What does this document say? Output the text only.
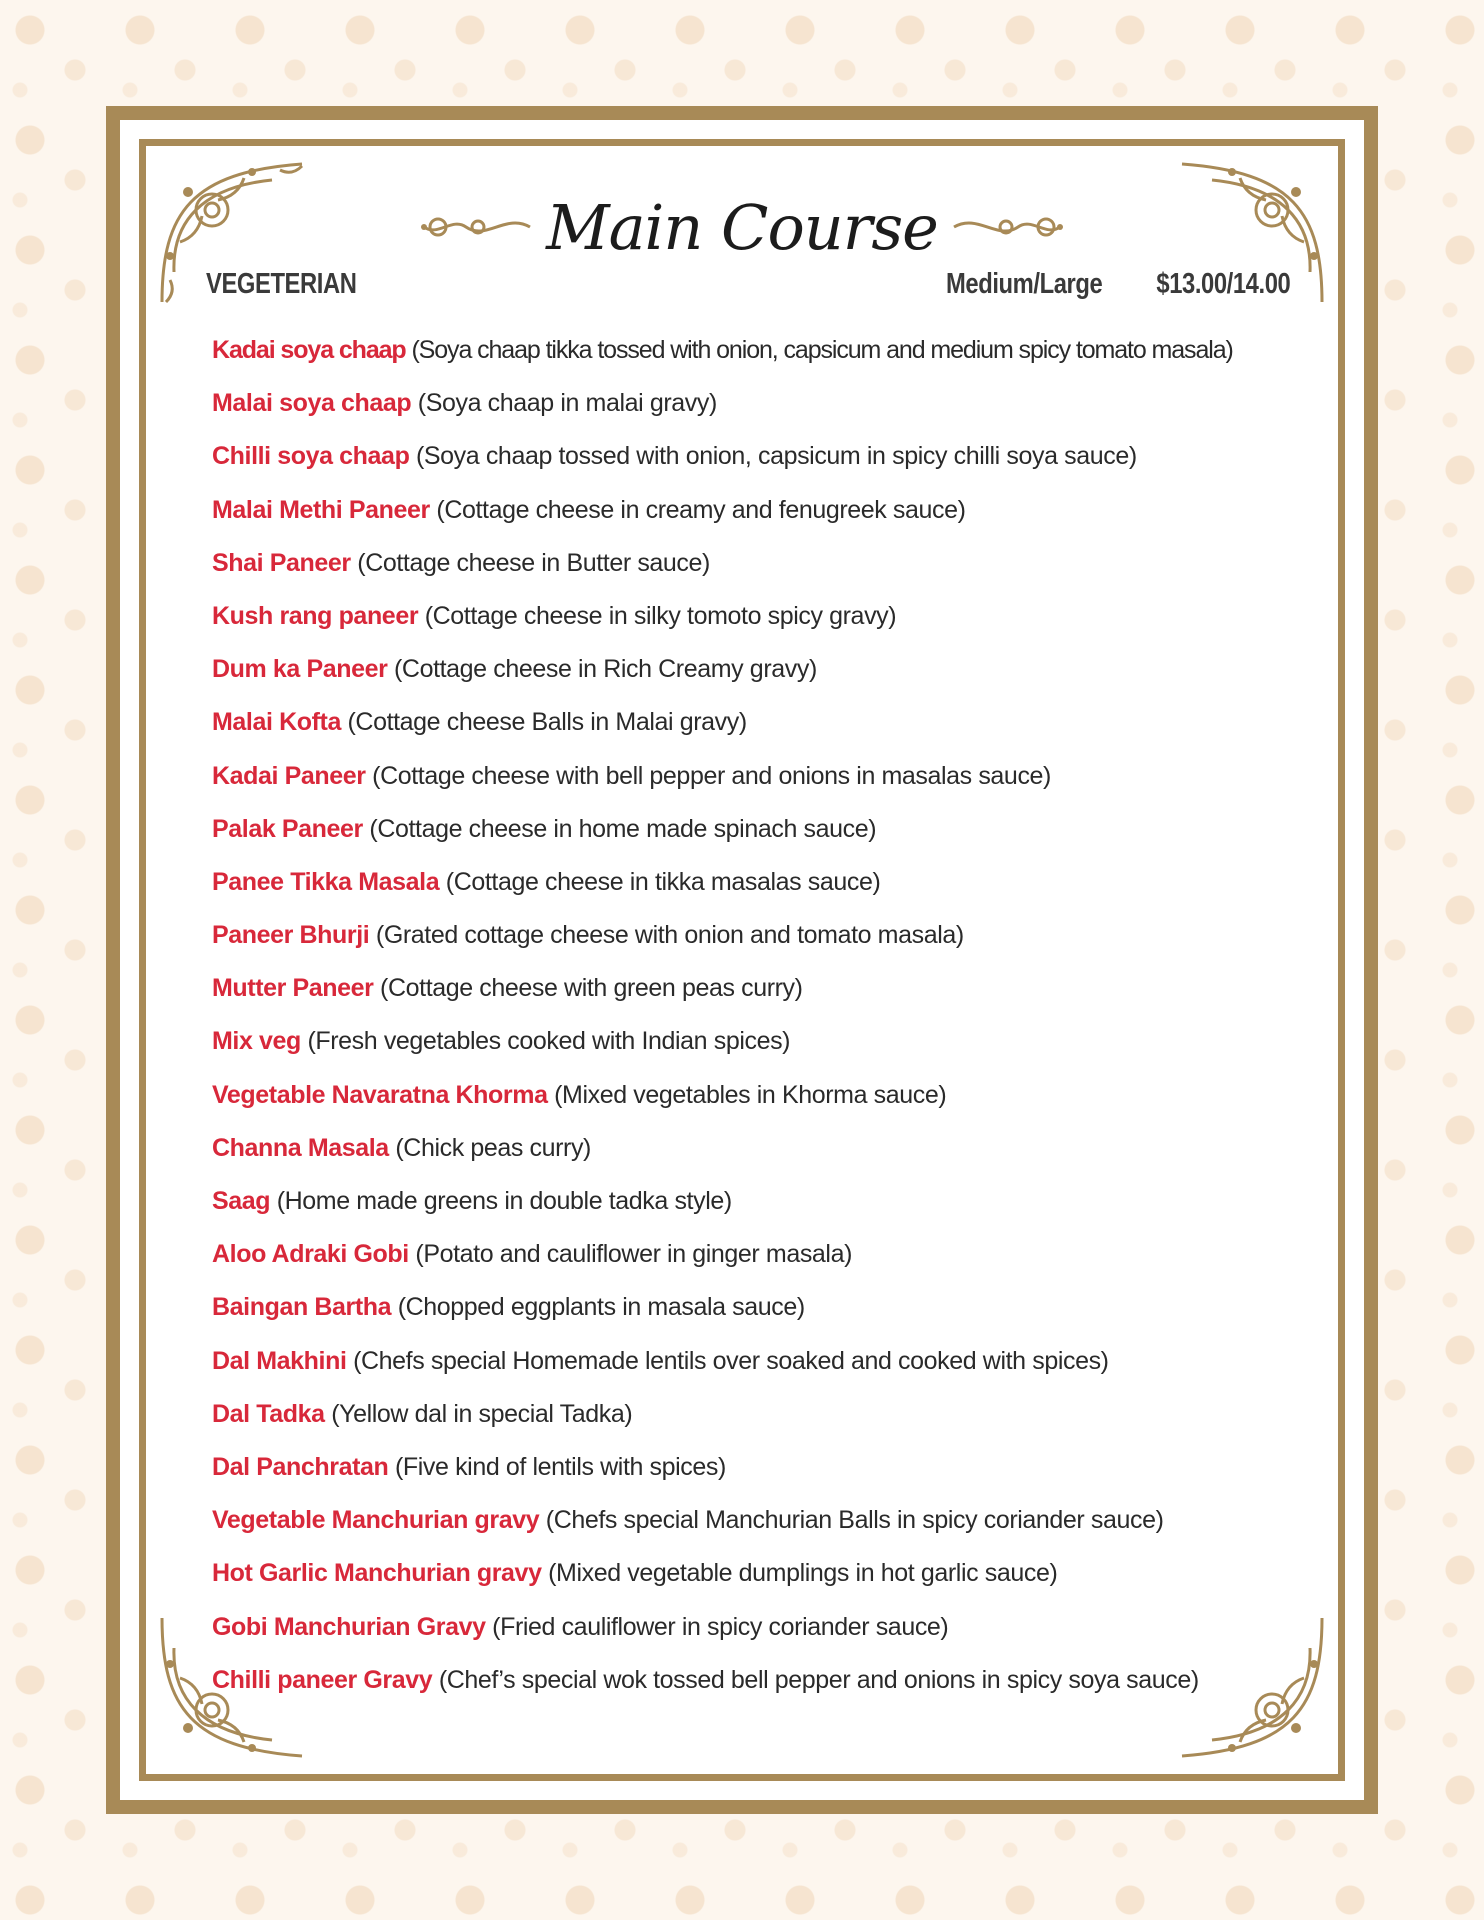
Main Course
VEGETERIAN	Medium/Large $13.00/14.00
Kadai soya chaap (Soya chaap tikka tossed with onion, capsicum and medium spicy tomato masala)
Malai soya chaap (Soya chaap in malai gravy)
Chilli soya chaap (Soya chaap tossed with onion, capsicum in spicy chilli soya sauce)
Malai Methi Paneer (Cottage cheese in creamy and fenugreek sauce)
Shai Paneer (Cottage cheese in Butter sauce)
Kush rang paneer (Cottage cheese in silky tomoto spicy gravy)
Dum ka Paneer (Cottage cheese in Rich Creamy gravy)
Malai Kofta (Cottage cheese Balls in Malai gravy)
Kadai Paneer (Cottage cheese with bell pepper and onions in masalas sauce)
Palak Paneer (Cottage cheese in home made spinach sauce)
Panee Tikka Masala (Cottage cheese in tikka masalas sauce)
Paneer Bhurji (Grated cottage cheese with onion and tomato masala)
Mutter Paneer (Cottage cheese with green peas curry)
Mix veg (Fresh vegetables cooked with Indian spices)
Vegetable Navaratna Khorma (Mixed vegetables in Khorma sauce)
Channa Masala (Chick peas curry)
Saag (Home made greens in double tadka style)
Aloo Adraki Gobi (Potato and cauliflower in ginger masala)
Baingan Bartha (Chopped eggplants in masala sauce)
Dal Makhini (Chefs special Homemade lentils over soaked and cooked with spices)
Dal Tadka (Yellow dal in special Tadka)
Dal Panchratan (Five kind of lentils with spices)
Vegetable Manchurian gravy (Chefs special Manchurian Balls in spicy coriander sauce)
Hot Garlic Manchurian gravy (Mixed vegetable dumplings in hot garlic sauce)
Gobi Manchurian Gravy (Fried cauliflower in spicy coriander sauce)
Chilli paneer Gravy (Chef’s special wok tossed bell pepper and onions in spicy soya sauce)
